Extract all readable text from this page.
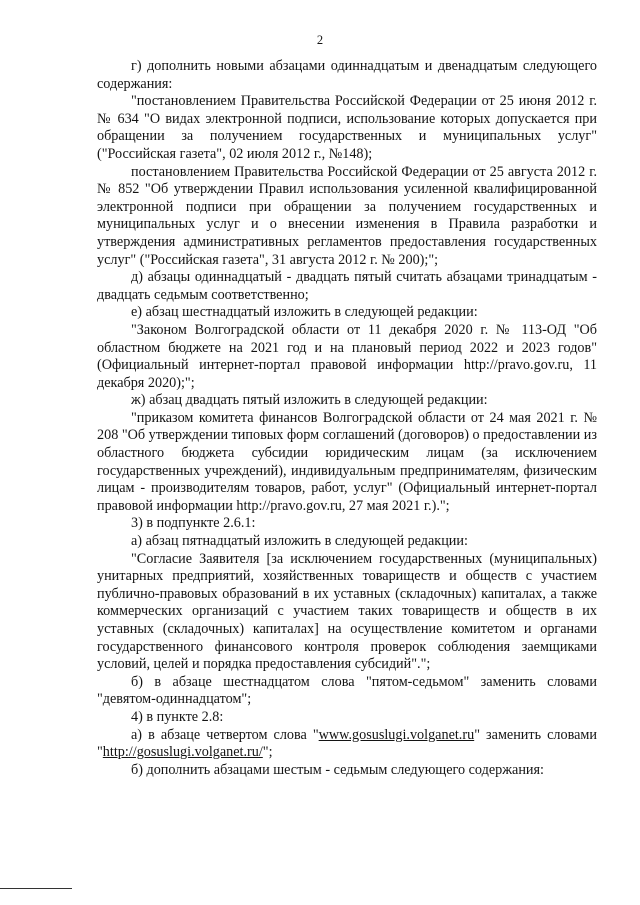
2

г) дополнить новыми абзацами одиннадцатым и двенадцатым следующего содержания:

"постановлением Правительства Российской Федерации от 25 июня 2012 г. № 634 "О видах электронной подписи, использование которых допускается при обращении за получением государственных и муниципальных услуг" ("Российская газета", 02 июля 2012 г., №148);

постановлением Правительства Российской Федерации от 25 августа 2012 г. № 852 "Об утверждении Правил использования усиленной квалифицированной электронной подписи при обращении за получением государственных и муниципальных услуг и о внесении изменения в Правила разработки и утверждения административных регламентов предоставления государственных услуг" ("Российская газета", 31 августа 2012 г. № 200);";

д) абзацы одиннадцатый - двадцать пятый считать абзацами тринадцатым - двадцать седьмым соответственно;

е) абзац шестнадцатый изложить в следующей редакции:

"Законом Волгоградской области от 11 декабря 2020 г. № 113-ОД "Об областном бюджете на 2021 год и на плановый период 2022 и 2023 годов" (Официальный интернет-портал правовой информации http://pravo.gov.ru, 11 декабря 2020);";

ж) абзац двадцать пятый изложить в следующей редакции:

"приказом комитета финансов Волгоградской области от 24 мая 2021 г. № 208 "Об утверждении типовых форм соглашений (договоров) о предоставлении из областного бюджета субсидии юридическим лицам (за исключением государственных учреждений), индивидуальным предпринимателям, физическим лицам - производителям товаров, работ, услуг" (Официальный интернет-портал правовой информации http://pravo.gov.ru, 27 мая 2021 г.).";

3) в подпункте 2.6.1:

а) абзац пятнадцатый изложить в следующей редакции:

"Согласие Заявителя [за исключением государственных (муниципальных) унитарных предприятий, хозяйственных товариществ и обществ с участием публично-правовых образований в их уставных (складочных) капиталах, а также коммерческих организаций с участием таких товариществ и обществ в их уставных (складочных) капиталах] на осуществление комитетом и органами государственного финансового контроля проверок соблюдения заемщиками условий, целей и порядка предоставления субсидий".";

б) в абзаце шестнадцатом слова "пятом-седьмом" заменить словами "девятом-одиннадцатом";

4) в пункте 2.8:

а) в абзаце четвертом слова "www.gosuslugi.volganet.ru" заменить словами "http://gosuslugi.volganet.ru/";

б) дополнить абзацами шестым - седьмым следующего содержания:
